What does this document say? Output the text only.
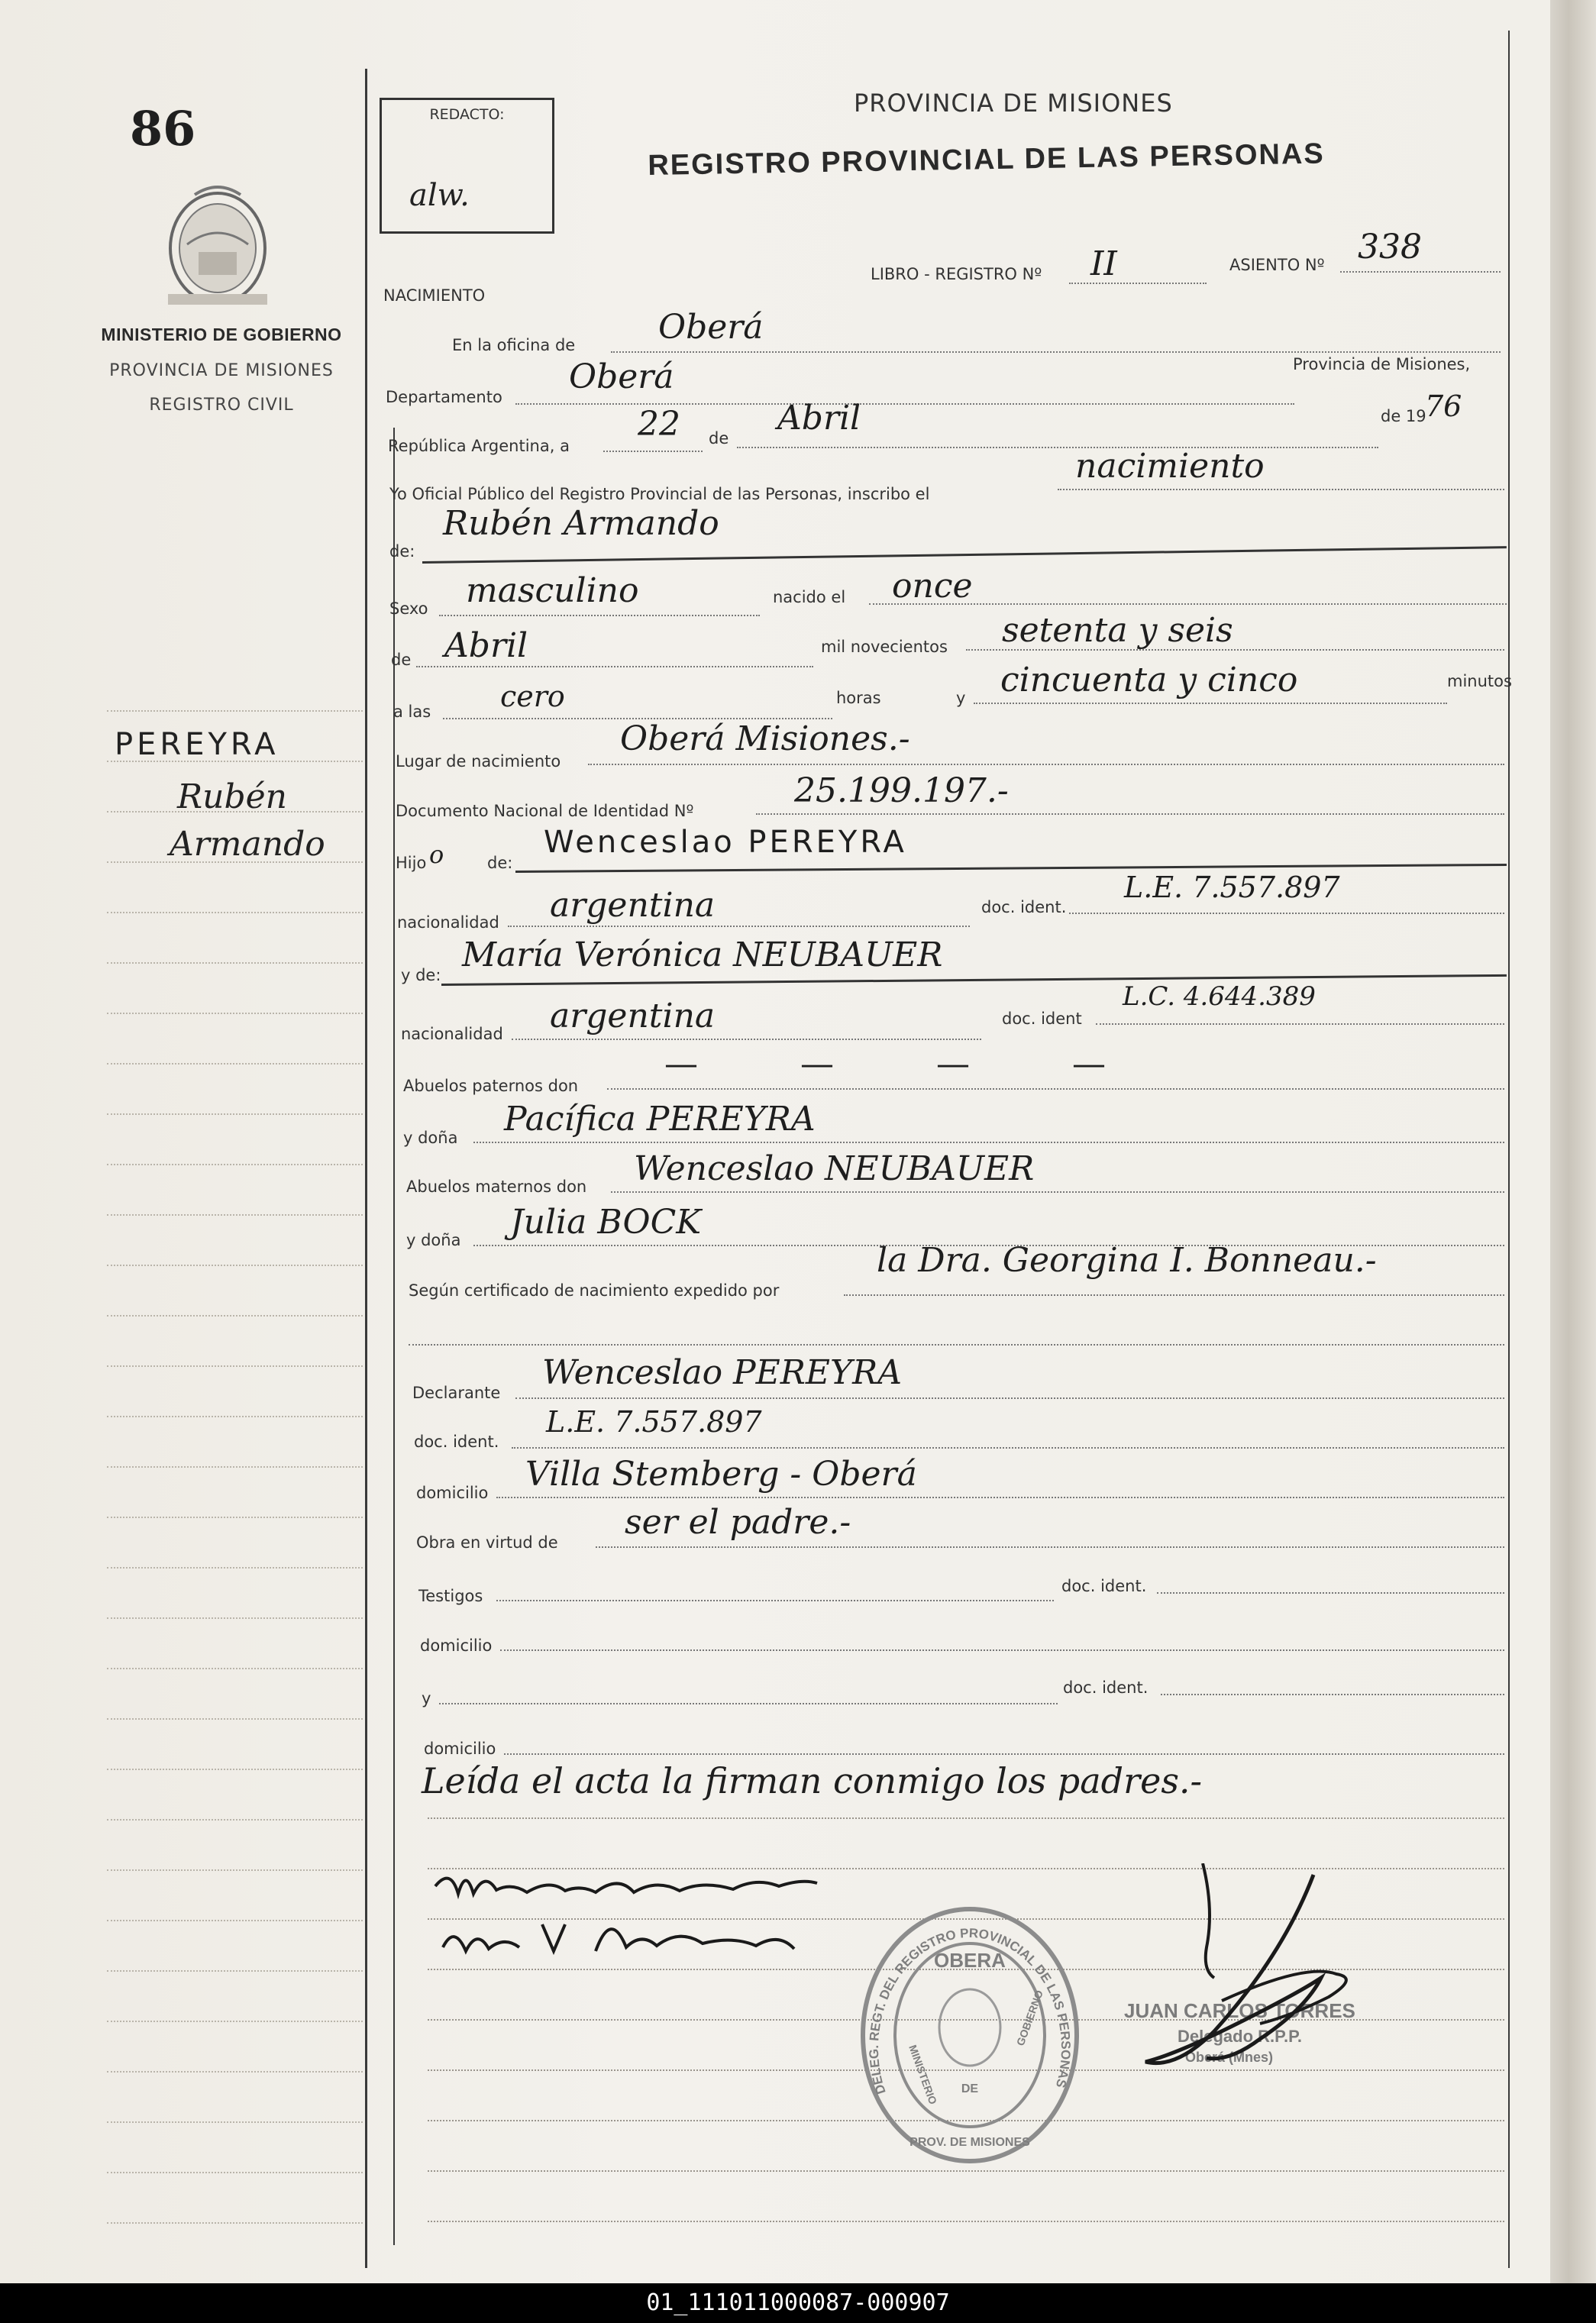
86
MINISTERIO DE GOBIERNO
PROVINCIA DE MISIONES
REGISTRO CIVIL
PEREYRA
Rubén
Armando
REDACTO:
alw.
PROVINCIA DE MISIONES
REGISTRO PROVINCIAL DE LAS PERSONAS
NACIMIENTO
LIBRO - REGISTRO Nº II	ASIENTO Nº 338
En la oficina de Oberá
Departamento
Oberá	Provincia de Misiones,
República Argentina, a
22 de
Abril	de 19
76
Yo Oficial Público del Registro Provincial de las Personas, inscribo el
nacimiento
de:
Rubén Armando
Sexo masculino	nacido el once
de Abril	mil novecientos setenta y seis
a las cero	horas	y cincuenta y cinco	minutos
Lugar de nacimiento
Oberá Misiones.-
Documento Nacional de Identidad Nº
25.199.197.-
Hijo o	de:
Wenceslao PEREYRA
nacionalidad argentina	doc. ident.
L.E. 7.557.897
y de:
María Verónica NEUBAUER
nacionalidad argentina	doc. ident
L.C. 4.644.389
Abuelos paternos don
— — — —
y doña Pacífica PEREYRA
Abuelos maternos don Wenceslao NEUBAUER
y doña Julia BOCK
Según certificado de nacimiento expedido por
la Dra. Georgina I. Bonneau.-
Declarante
Wenceslao PEREYRA
doc. ident.
L.E. 7.557.897
domicilio Villa Stemberg - Oberá
Obra en virtud de
ser el padre.-
Testigos
doc. ident.
domicilio
y
doc. ident.
domicilio
Leída el acta la firman conmigo los padres.-
DELEG. REGT. DEL REGISTRO PROVINCIAL DE LAS PERSONAS
OBERA
MINISTERIO DE
GOBIERNO
PROV. DE MISIONES
JUAN CARLOS TORRES
Delegado R.P.P.
Oberá (Mnes)
01_111011000087-000907
